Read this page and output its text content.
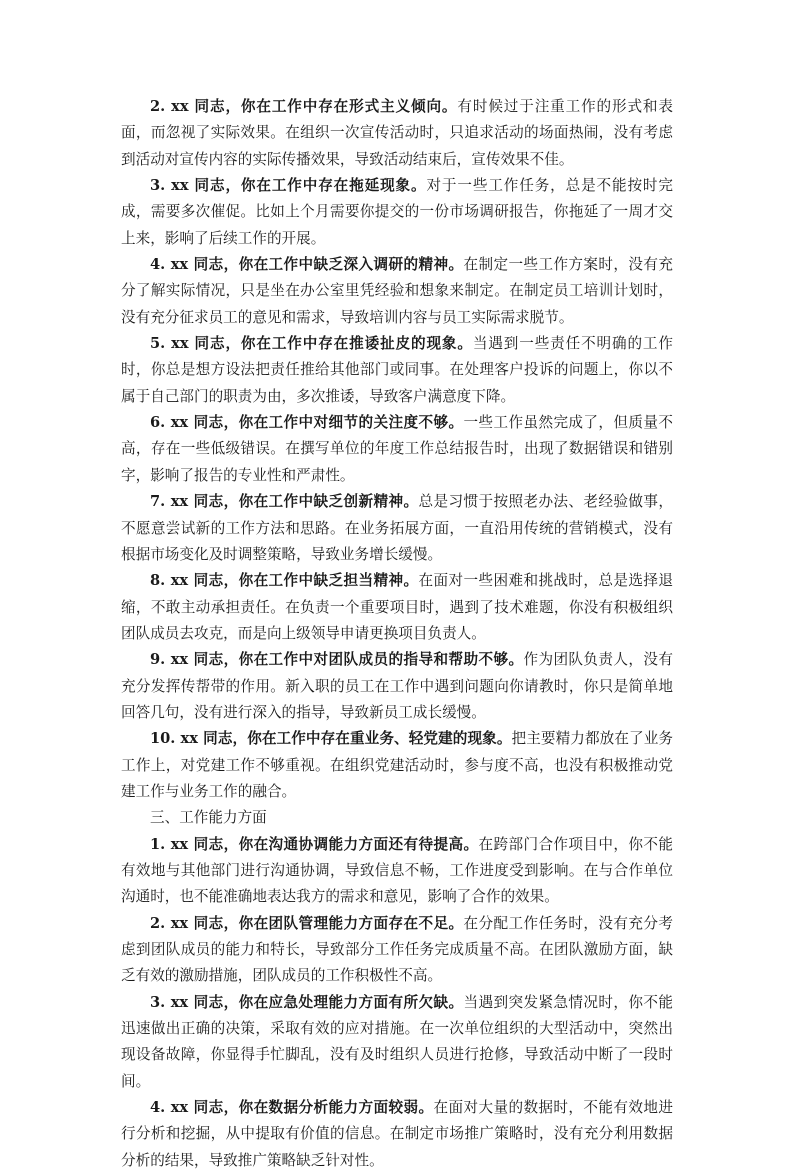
2. xx 同志，你在工作中存在形式主义倾向。有时候过于注重工作的形式和表面，而忽视了实际效果。在组织一次宣传活动时，只追求活动的场面热闹，没有考虑到活动对宣传内容的实际传播效果，导致活动结束后，宣传效果不佳。

3. xx 同志，你在工作中存在拖延现象。对于一些工作任务，总是不能按时完成，需要多次催促。比如上个月需要你提交的一份市场调研报告，你拖延了一周才交上来，影响了后续工作的开展。

4. xx 同志，你在工作中缺乏深入调研的精神。在制定一些工作方案时，没有充分了解实际情况，只是坐在办公室里凭经验和想象来制定。在制定员工培训计划时，没有充分征求员工的意见和需求，导致培训内容与员工实际需求脱节。

5. xx 同志，你在工作中存在推诿扯皮的现象。当遇到一些责任不明确的工作时，你总是想方设法把责任推给其他部门或同事。在处理客户投诉的问题上，你以不属于自己部门的职责为由，多次推诿，导致客户满意度下降。

6. xx 同志，你在工作中对细节的关注度不够。一些工作虽然完成了，但质量不高，存在一些低级错误。在撰写单位的年度工作总结报告时，出现了数据错误和错别字，影响了报告的专业性和严肃性。

7. xx 同志，你在工作中缺乏创新精神。总是习惯于按照老办法、老经验做事，不愿意尝试新的工作方法和思路。在业务拓展方面，一直沿用传统的营销模式，没有根据市场变化及时调整策略，导致业务增长缓慢。

8. xx 同志，你在工作中缺乏担当精神。在面对一些困难和挑战时，总是选择退缩，不敢主动承担责任。在负责一个重要项目时，遇到了技术难题，你没有积极组织团队成员去攻克，而是向上级领导申请更换项目负责人。

9. xx 同志，你在工作中对团队成员的指导和帮助不够。作为团队负责人，没有充分发挥传帮带的作用。新入职的员工在工作中遇到问题向你请教时，你只是简单地回答几句，没有进行深入的指导，导致新员工成长缓慢。

10. xx 同志，你在工作中存在重业务、轻党建的现象。把主要精力都放在了业务工作上，对党建工作不够重视。在组织党建活动时，参与度不高，也没有积极推动党建工作与业务工作的融合。

三、工作能力方面

1. xx 同志，你在沟通协调能力方面还有待提高。在跨部门合作项目中，你不能有效地与其他部门进行沟通协调，导致信息不畅，工作进度受到影响。在与合作单位沟通时，也不能准确地表达我方的需求和意见，影响了合作的效果。

2. xx 同志，你在团队管理能力方面存在不足。在分配工作任务时，没有充分考虑到团队成员的能力和特长，导致部分工作任务完成质量不高。在团队激励方面，缺乏有效的激励措施，团队成员的工作积极性不高。

3. xx 同志，你在应急处理能力方面有所欠缺。当遇到突发紧急情况时，你不能迅速做出正确的决策，采取有效的应对措施。在一次单位组织的大型活动中，突然出现设备故障，你显得手忙脚乱，没有及时组织人员进行抢修，导致活动中断了一段时间。

4. xx 同志，你在数据分析能力方面较弱。在面对大量的数据时，不能有效地进行分析和挖掘，从中提取有价值的信息。在制定市场推广策略时，没有充分利用数据分析的结果，导致推广策略缺乏针对性。
